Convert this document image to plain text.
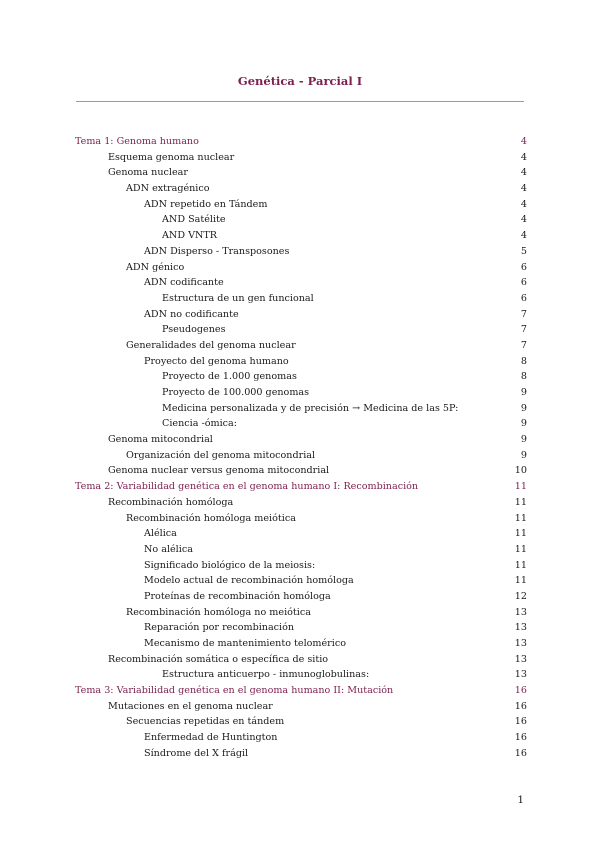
Genética - Parcial I
Tema 1: Genoma humano	4
Esquema genoma nuclear	4
Genoma nuclear	4
ADN extragénico	4
ADN repetido en Tándem	4
AND Satélite	4
AND VNTR	4
ADN Disperso - Transposones	5
ADN génico	6
ADN codificante	6
Estructura de un gen funcional	6
ADN no codificante	7
Pseudogenes	7
Generalidades del genoma nuclear	7
Proyecto del genoma humano	8
Proyecto de 1.000 genomas	8
Proyecto de 100.000 genomas	9
Medicina personalizada y de precisión → Medicina de las 5P:	9
Ciencia -ómica:	9
Genoma mitocondrial	9
Organización del genoma mitocondrial	9
Genoma nuclear versus genoma mitocondrial	10
Tema 2: Variabilidad genética en el genoma humano I: Recombinación	11
Recombinación homóloga	11
Recombinación homóloga meiótica	11
Alélica	11
No alélica	11
Significado biológico de la meiosis:	11
Modelo actual de recombinación homóloga	11
Proteínas de recombinación homóloga	12
Recombinación homóloga no meiótica	13
Reparación por recombinación	13
Mecanismo de mantenimiento telomérico	13
Recombinación somática o específica de sitio	13
Estructura anticuerpo - inmunoglobulinas:	13
Tema 3: Variabilidad genética en el genoma humano II: Mutación	16
Mutaciones en el genoma nuclear	16
Secuencias repetidas en tándem	16
Enfermedad de Huntington	16
Síndrome del X frágil	16
1
